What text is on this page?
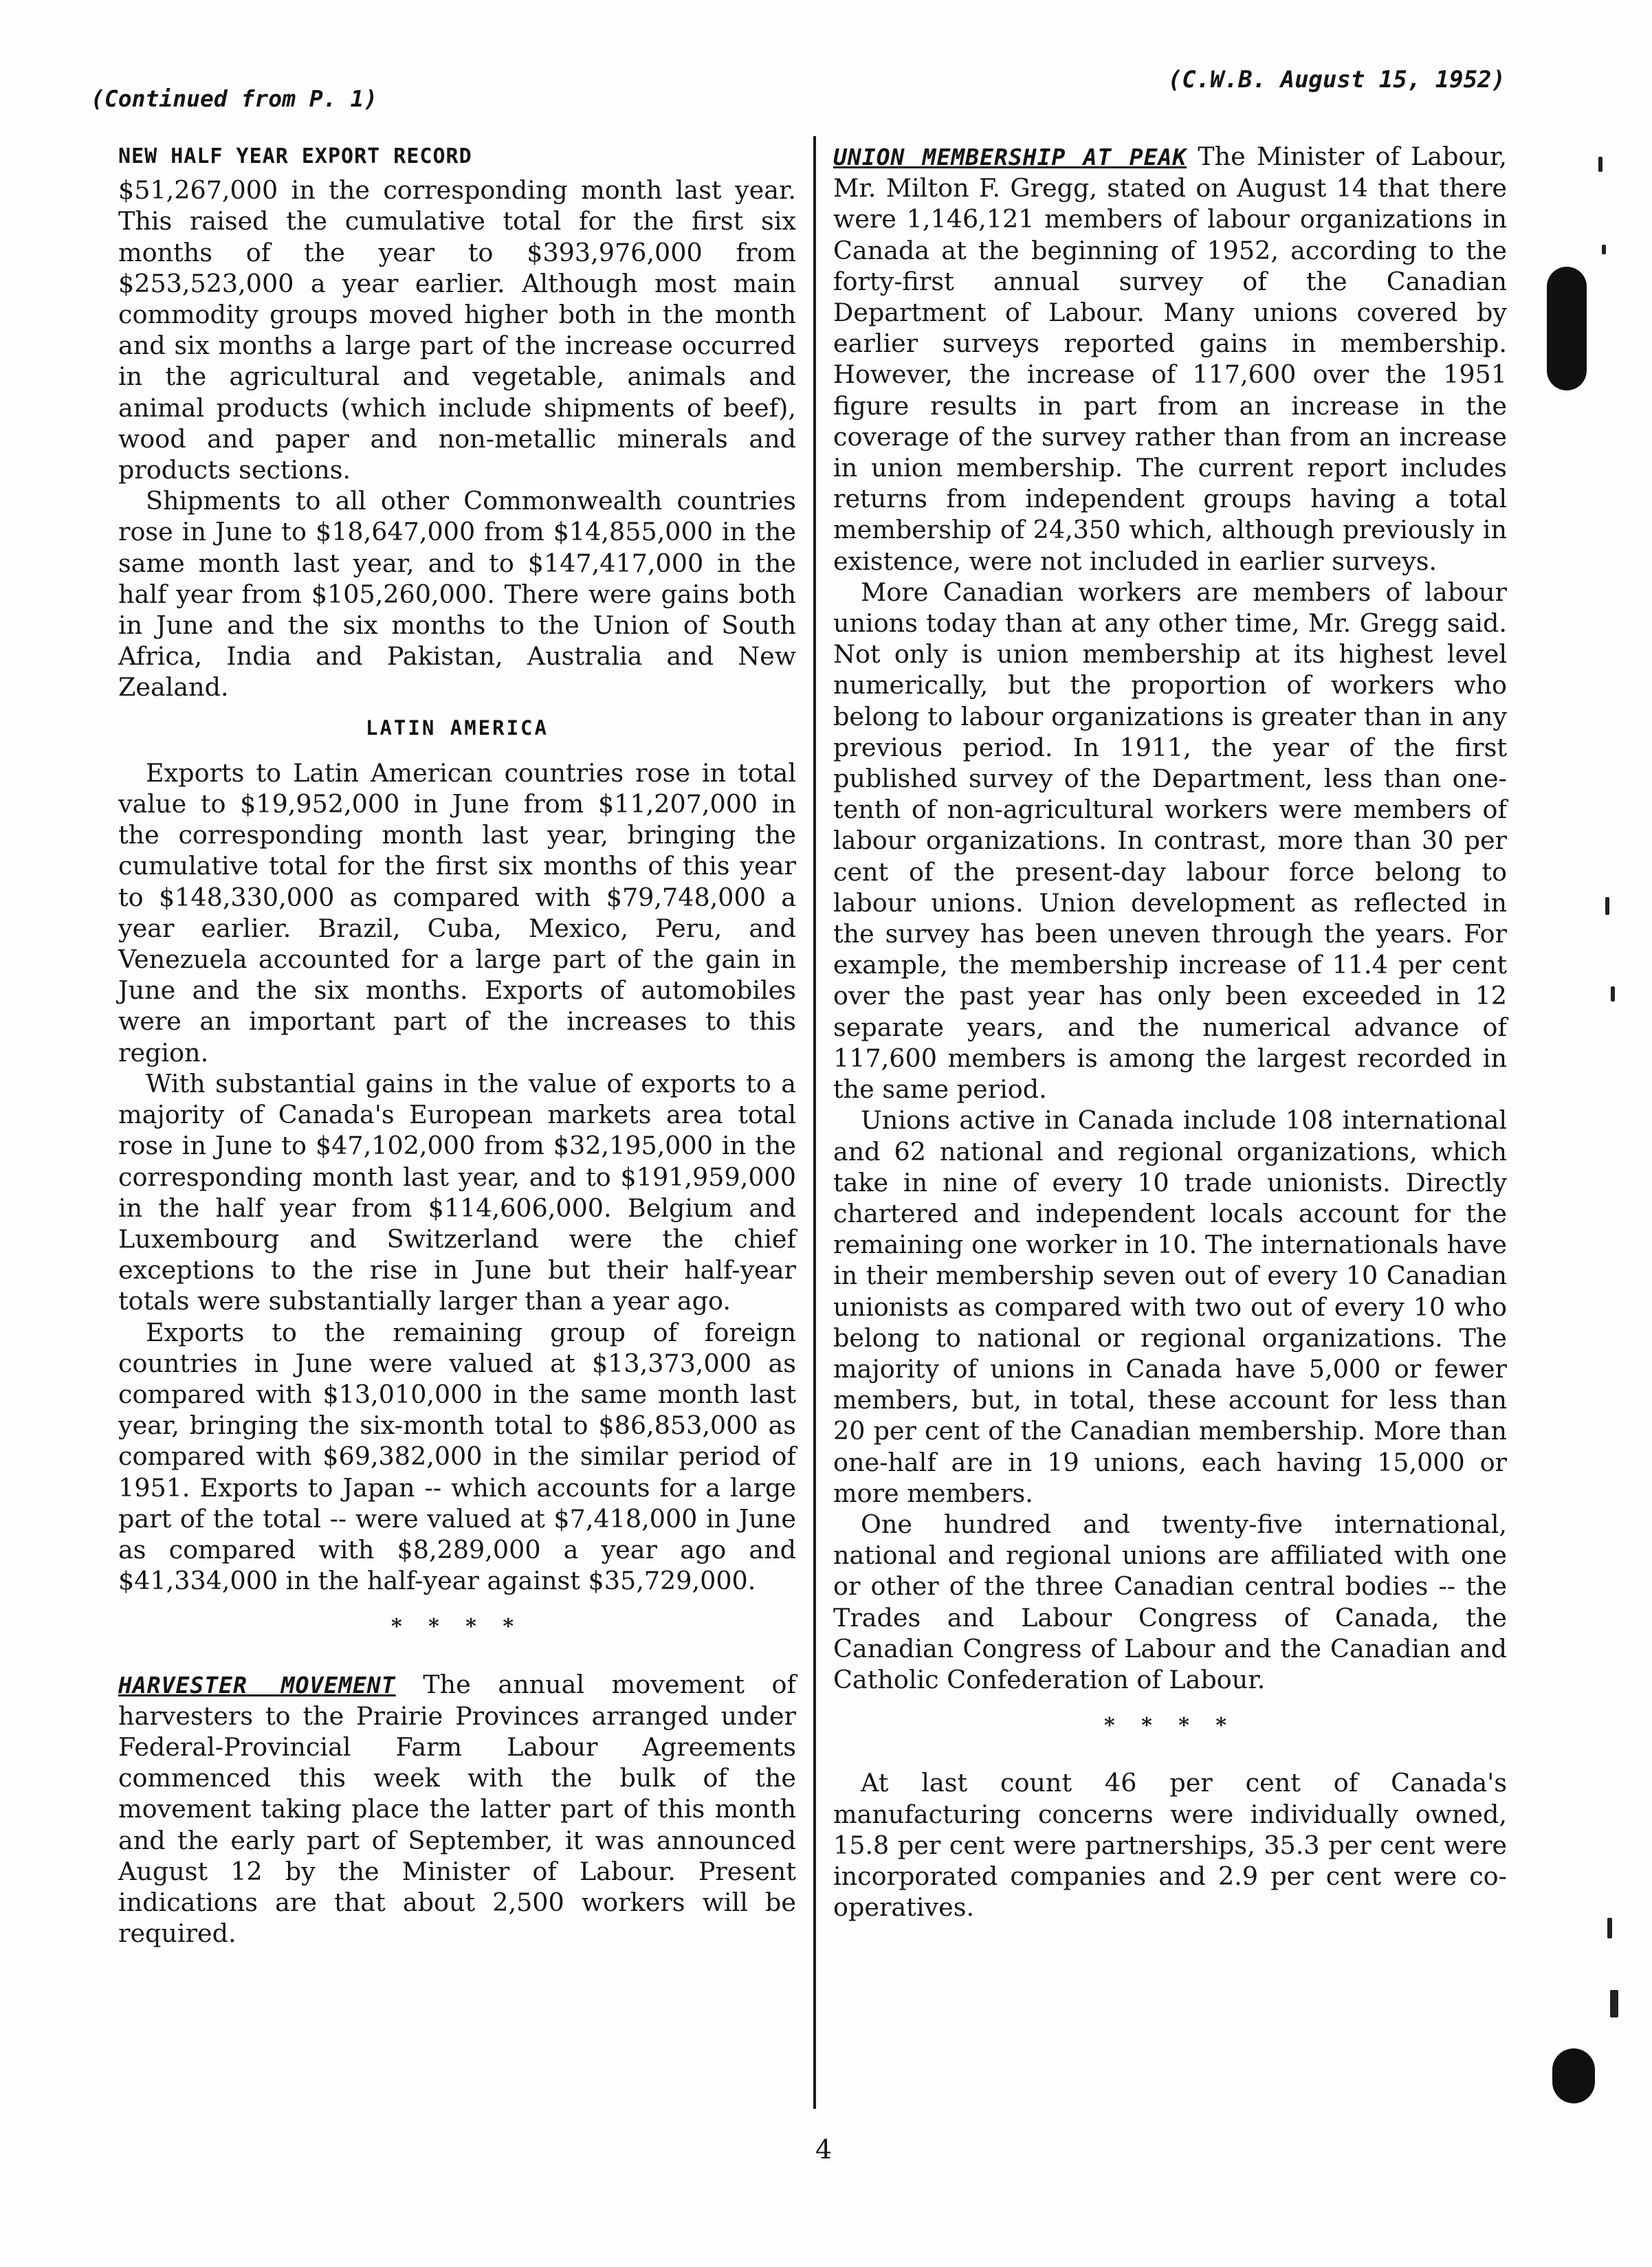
(Continued from P. 1)
(C.W.B. August 15, 1952)
NEW HALF YEAR EXPORT RECORD

$51,267,000 in the corresponding month last year. This raised the cumulative total for the first six months of the year to $393,976,000 from $253,523,000 a year earlier. Although most main commodity groups moved higher both in the month and six months a large part of the increase occurred in the agricultural and vegetable, animals and animal products (which include shipments of beef), wood and paper and non-metallic minerals and products sections.

Shipments to all other Commonwealth countries rose in June to $18,647,000 from $14,855,000 in the same month last year, and to $147,417,000 in the half year from $105,260,000. There were gains both in June and the six months to the Union of South Africa, India and Pakistan, Australia and New Zealand.

LATIN AMERICA

Exports to Latin American countries rose in total value to $19,952,000 in June from $11,207,000 in the corresponding month last year, bringing the cumulative total for the first six months of this year to $148,330,000 as compared with $79,748,000 a year earlier. Brazil, Cuba, Mexico, Peru, and Venezuela accounted for a large part of the gain in June and the six months. Exports of automobiles were an important part of the increases to this region.

With substantial gains in the value of exports to a majority of Canada's European markets area total rose in June to $47,102,000 from $32,195,000 in the corresponding month last year, and to $191,959,000 in the half year from $114,606,000. Belgium and Luxembourg and Switzerland were the chief exceptions to the rise in June but their half-year totals were substantially larger than a year ago.

Exports to the remaining group of foreign countries in June were valued at $13,373,000 as compared with $13,010,000 in the same month last year, bringing the six-month total to $86,853,000 as compared with $69,382,000 in the similar period of 1951. Exports to Japan -- which accounts for a large part of the total -- were valued at $7,418,000 in June as compared with $8,289,000 a year ago and $41,334,000 in the half-year against $35,729,000.

* * * *

HARVESTER MOVEMENT The annual movement of harvesters to the Prairie Provinces arranged under Federal-Provincial Farm Labour Agreements commenced this week with the bulk of the movement taking place the latter part of this month and the early part of September, it was announced August 12 by the Minister of Labour. Present indications are that about 2,500 workers will be required.

UNION MEMBERSHIP AT PEAK The Minister of Labour, Mr. Milton F. Gregg, stated on August 14 that there were 1,146,121 members of labour organizations in Canada at the beginning of 1952, according to the forty-first annual survey of the Canadian Department of Labour. Many unions covered by earlier surveys reported gains in membership. However, the increase of 117,600 over the 1951 figure results in part from an increase in the coverage of the survey rather than from an increase in union membership. The current report includes returns from independent groups having a total membership of 24,350 which, although previously in existence, were not included in earlier surveys.

More Canadian workers are members of labour unions today than at any other time, Mr. Gregg said. Not only is union membership at its highest level numerically, but the proportion of workers who belong to labour organizations is greater than in any previous period. In 1911, the year of the first published survey of the Department, less than one-tenth of non-agricultural workers were members of labour organizations. In contrast, more than 30 per cent of the present-day labour force belong to labour unions. Union development as reflected in the survey has been uneven through the years. For example, the membership increase of 11.4 per cent over the past year has only been exceeded in 12 separate years, and the numerical advance of 117,600 members is among the largest recorded in the same period.

Unions active in Canada include 108 international and 62 national and regional organizations, which take in nine of every 10 trade unionists. Directly chartered and independent locals account for the remaining one worker in 10. The internationals have in their membership seven out of every 10 Canadian unionists as compared with two out of every 10 who belong to national or regional organizations. The majority of unions in Canada have 5,000 or fewer members, but, in total, these account for less than 20 per cent of the Canadian membership. More than one-half are in 19 unions, each having 15,000 or more members.

One hundred and twenty-five international, national and regional unions are affiliated with one or other of the three Canadian central bodies -- the Trades and Labour Congress of Canada, the Canadian Congress of Labour and the Canadian and Catholic Confederation of Labour.

* * * *

At last count 46 per cent of Canada's manufacturing concerns were individually owned, 15.8 per cent were partnerships, 35.3 per cent were incorporated companies and 2.9 per cent were co-operatives.

4
